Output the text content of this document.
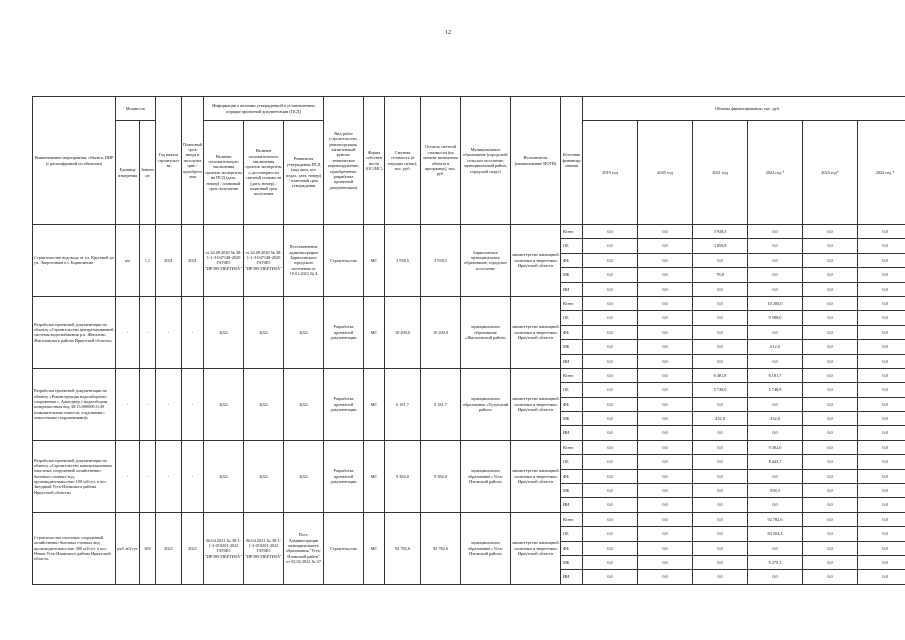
12
Наименование мероприятия, объекта, ПИР (с расшифровкой по объектам)	Мощность		Год начала строительства	Плановый срок ввода в эксплуатацию / приобретения	Информация о наличии утвержденной в установленном порядке проектной документации (ПСД)			Вид работ (строительство, реконструкция, капитальный ремонт, техническое перевооружение, приобретение, разработка проектной документации)	Форма собственности (ОС/МС)	Сметная стоимость (в текущих ценах), тыс. руб.	Остаток сметной стоимости (на момент включения объекта в программу), тыс. руб.	Муниципальное образование (городской/сельское поселение, муниципальный район, городской округ)	Исполнитель (наименование ИОГВ)	Источник финансирования	Объемы финансирования, тыс. руб.					
	Единица измерения	Значение			Наличие положительного заключения органов экспертизы на ПСД (дата, номер) / плановый срок получения	Наличие положительного заключения органов экспертизы о достоверности сметной стоимости (дата, номер) / плановый срок получения	Реквизиты утверждения ПСД (вид акта, кто издал, дата, номер) / плановый срок утверждения								2019 год	2020 год	2021 год	2022 год *	2023 год*	2024 год *
Строительство водовода от ул. Круговой до ул. Энергетиков в г. Бирюсинске	км	1,1	2021	2021	от 24.09.2020 № 38-1-1-3-047148-2020 ГАУИО "ИРЭКСПЕРТИЗА"	от 24.09.2020 № 38-1-1-3-047148-2020 ГАУИО "ИРЭКСПЕРТИЗА"	Постановление администрации Бирюсинского городского поселения от 19.01.2021 № 4	Строительство	МС	3 938,5	3 938,5	Бирюсинское муниципальное образование, городское поселение	министерство жилищной политики и энергетики Иркутской области	Всего	0,0	0,0	3 938,5	0,0	0,0	0,0
														ОБ	0,0	0,0	3 859,8	0,0	0,0	0,0
														ФБ	0,0	0,0	0,0	0,0	0,0	0,0
														МБ	0,0	0,0	78,8	0,0	0,0	0,0
														ИИ	0,0	0,0	0,0	0,0	0,0	0,0
Разработка проектной документации по объекту «Строительство централизованной системы водоснабжения р.п. Жигалово Жигаловского района Иркутской области»	-	-	-	-	2022	2022	2022	Разработка проектной документации	МС	10 200,0	10 200,0	муниципальное образование «Жигаловский район»	министерство жилищной политики и энергетики Иркутской области	Всего	0,0	0,0	0,0	10 200,0	0,0	0,0
														ОБ	0,0	0,0	0,0	9 588,0	0,0	0,0
														ФБ	0,0	0,0	0,0	0,0	0,0	0,0
														МБ	0,0	0,0	0,0	612,0	0,0	0,0
														ИИ	0,0	0,0	0,0	0,0	0,0	0,0
Разработка проектной документации по объекту «Реконструкция водозаборного сооружения с. Алыгджер с водоотбором поверхностных вод 38:15:000000:1149 (накопительные емкости, ооудования с емкостными сооружениями)»	-	-	-	-	2022	2022	2022	Разработка проектной документации	МС	6 181,7	6 181,7	муниципальное образование «Тулунский район»	министерство жилищной политики и энергетики Иркутской области	Всего	0,0	0,0	6 481,8	6 181,7	0,0	0,0
														ОБ	0,0	0,0	5 749,0	5 748,9	0,0	0,0
														ФБ	0,0	0,0	0,0	0,0	0,0	0,0
														МБ	0,0	0,0	432,8	432,8	0,0	0,0
														ИИ	0,0	0,0	0,0	0,0	0,0	0,0
Разработка проектной документации по объекту «Строительство канализационных очистных сооружений хозяйственно-бытовых сточных вод, производительностью 100 м3/сут, в пос. Звездный Усть-Илимского района Иркутской области»	-	-	-	-	2022	2022	2022	Разработка проектной документации	МС	9 382,0	9 382,0	муниципальное образование «Усть-Илимский район»	министерство жилищной политики и энергетики Иркутской области	Всего	0,0	0,0	0,0	9 382,0	0,0	0,0
														ОБ	0,0	0,0	0,0	8 443,7	0,0	0,0
														ФБ	0,0	0,0	0,0	0,0	0,0	0,0
														МБ	0,0	0,0	0,0	938,3	0,0	0,0
														ИИ	0,0	0,0	0,0	0,0	0,0	0,0
Строительство очистных сооружений хозяйственно-бытовых сточных вод производительностью 300 м3/сут. в пос. Невон Усть-Илимского района Иркутской области	руб. м3/сут	300	2022	2022	06.04.2021 № 38-1-1-3-019201-2021 ГАУИО "ИРЭКСПЕРТИЗА"	06.04.2021 № 38-1-1-3-019201-2021 ГАУИО "ИРЭКСПЕРТИЗА"	Пост. Администрации муниципального образования "Усть-Илимский район" от 02.02.2022 № 37	Строительство	МС	92 782,6	92 782,6	муниципальное образование «Усть-Илимский район»	министерство жилищной политики и энергетики Иркутской области	Всего	0,0	0,0	0,0	92 782,6	0,0	0,0
														ОБ	0,0	0,0	0,0	83 504,3	0,0	0,0
														ФБ	0,0	0,0	0,0	0,0	0,0	0,0
														МБ	0,0	0,0	0,0	9 278,3	0,0	0,0
														ИИ	0,0	0,0	0,0	0,0	0,0	0,0
